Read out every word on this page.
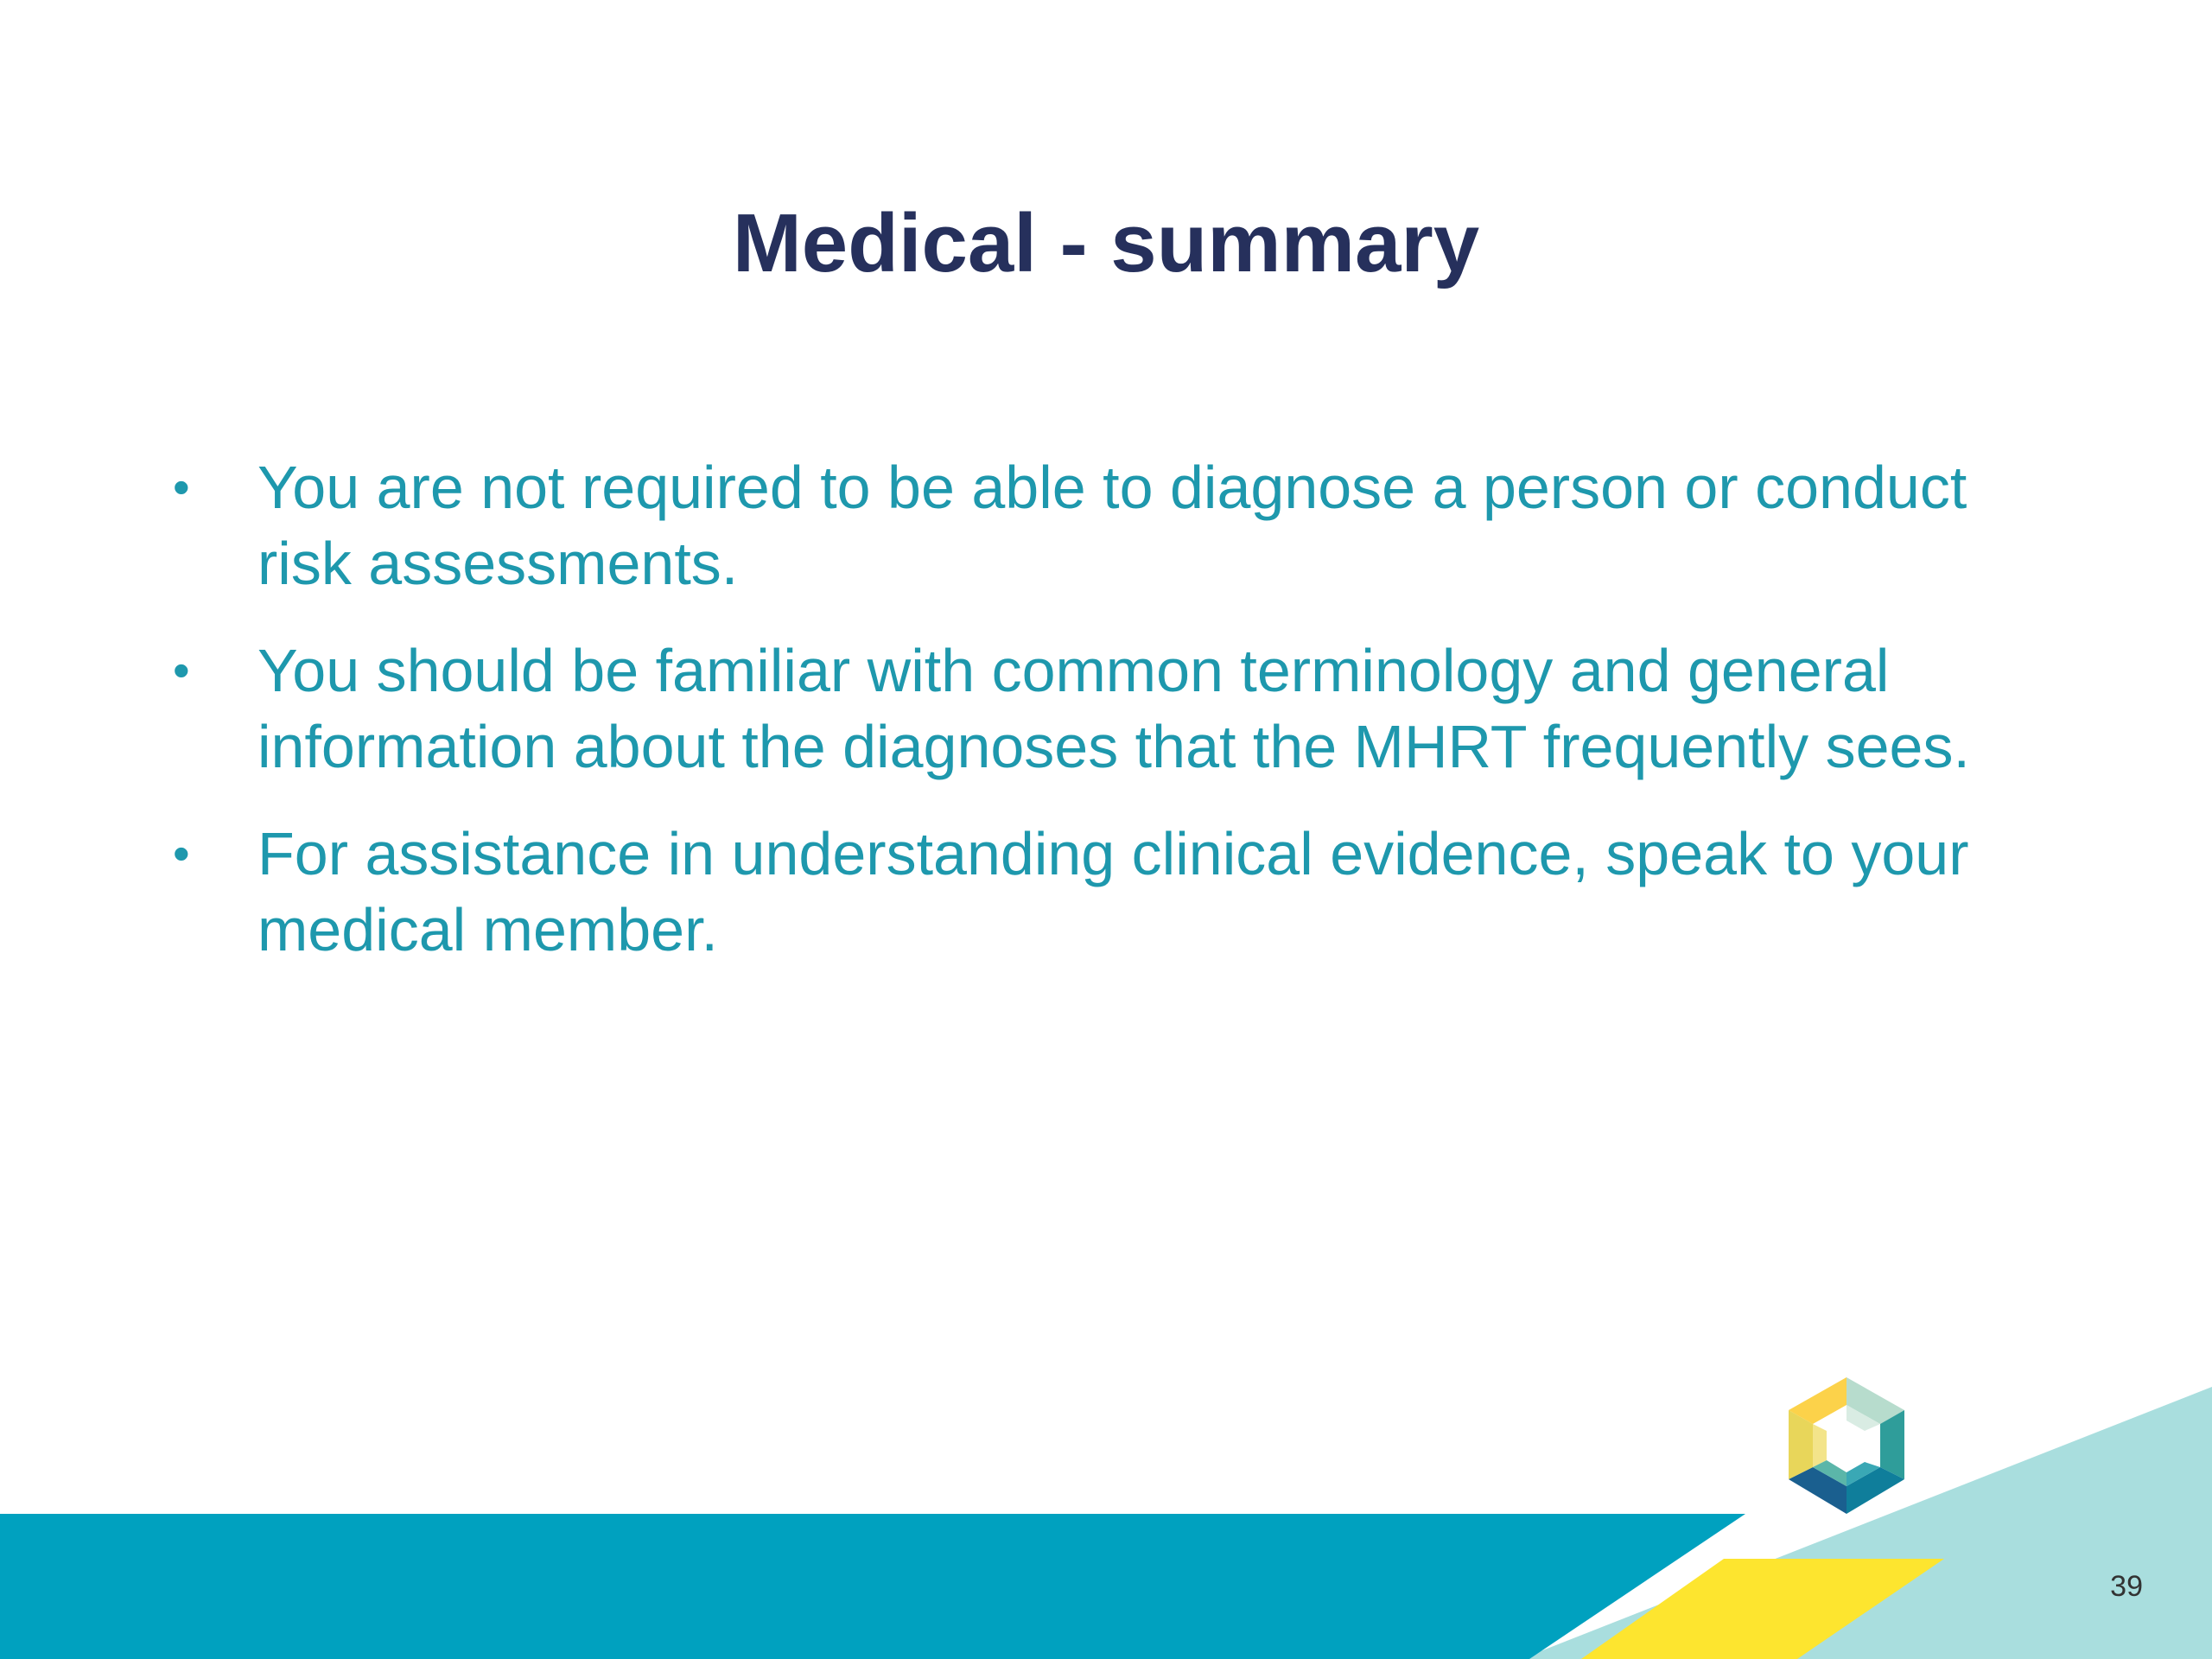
Medical - summary
• You are not required to be able to diagnose a person or conduct risk assessments.
• You should be familiar with common terminology and general information about the diagnoses that the MHRT frequently sees.
• For assistance in understanding clinical evidence, speak to your medical member.
39
